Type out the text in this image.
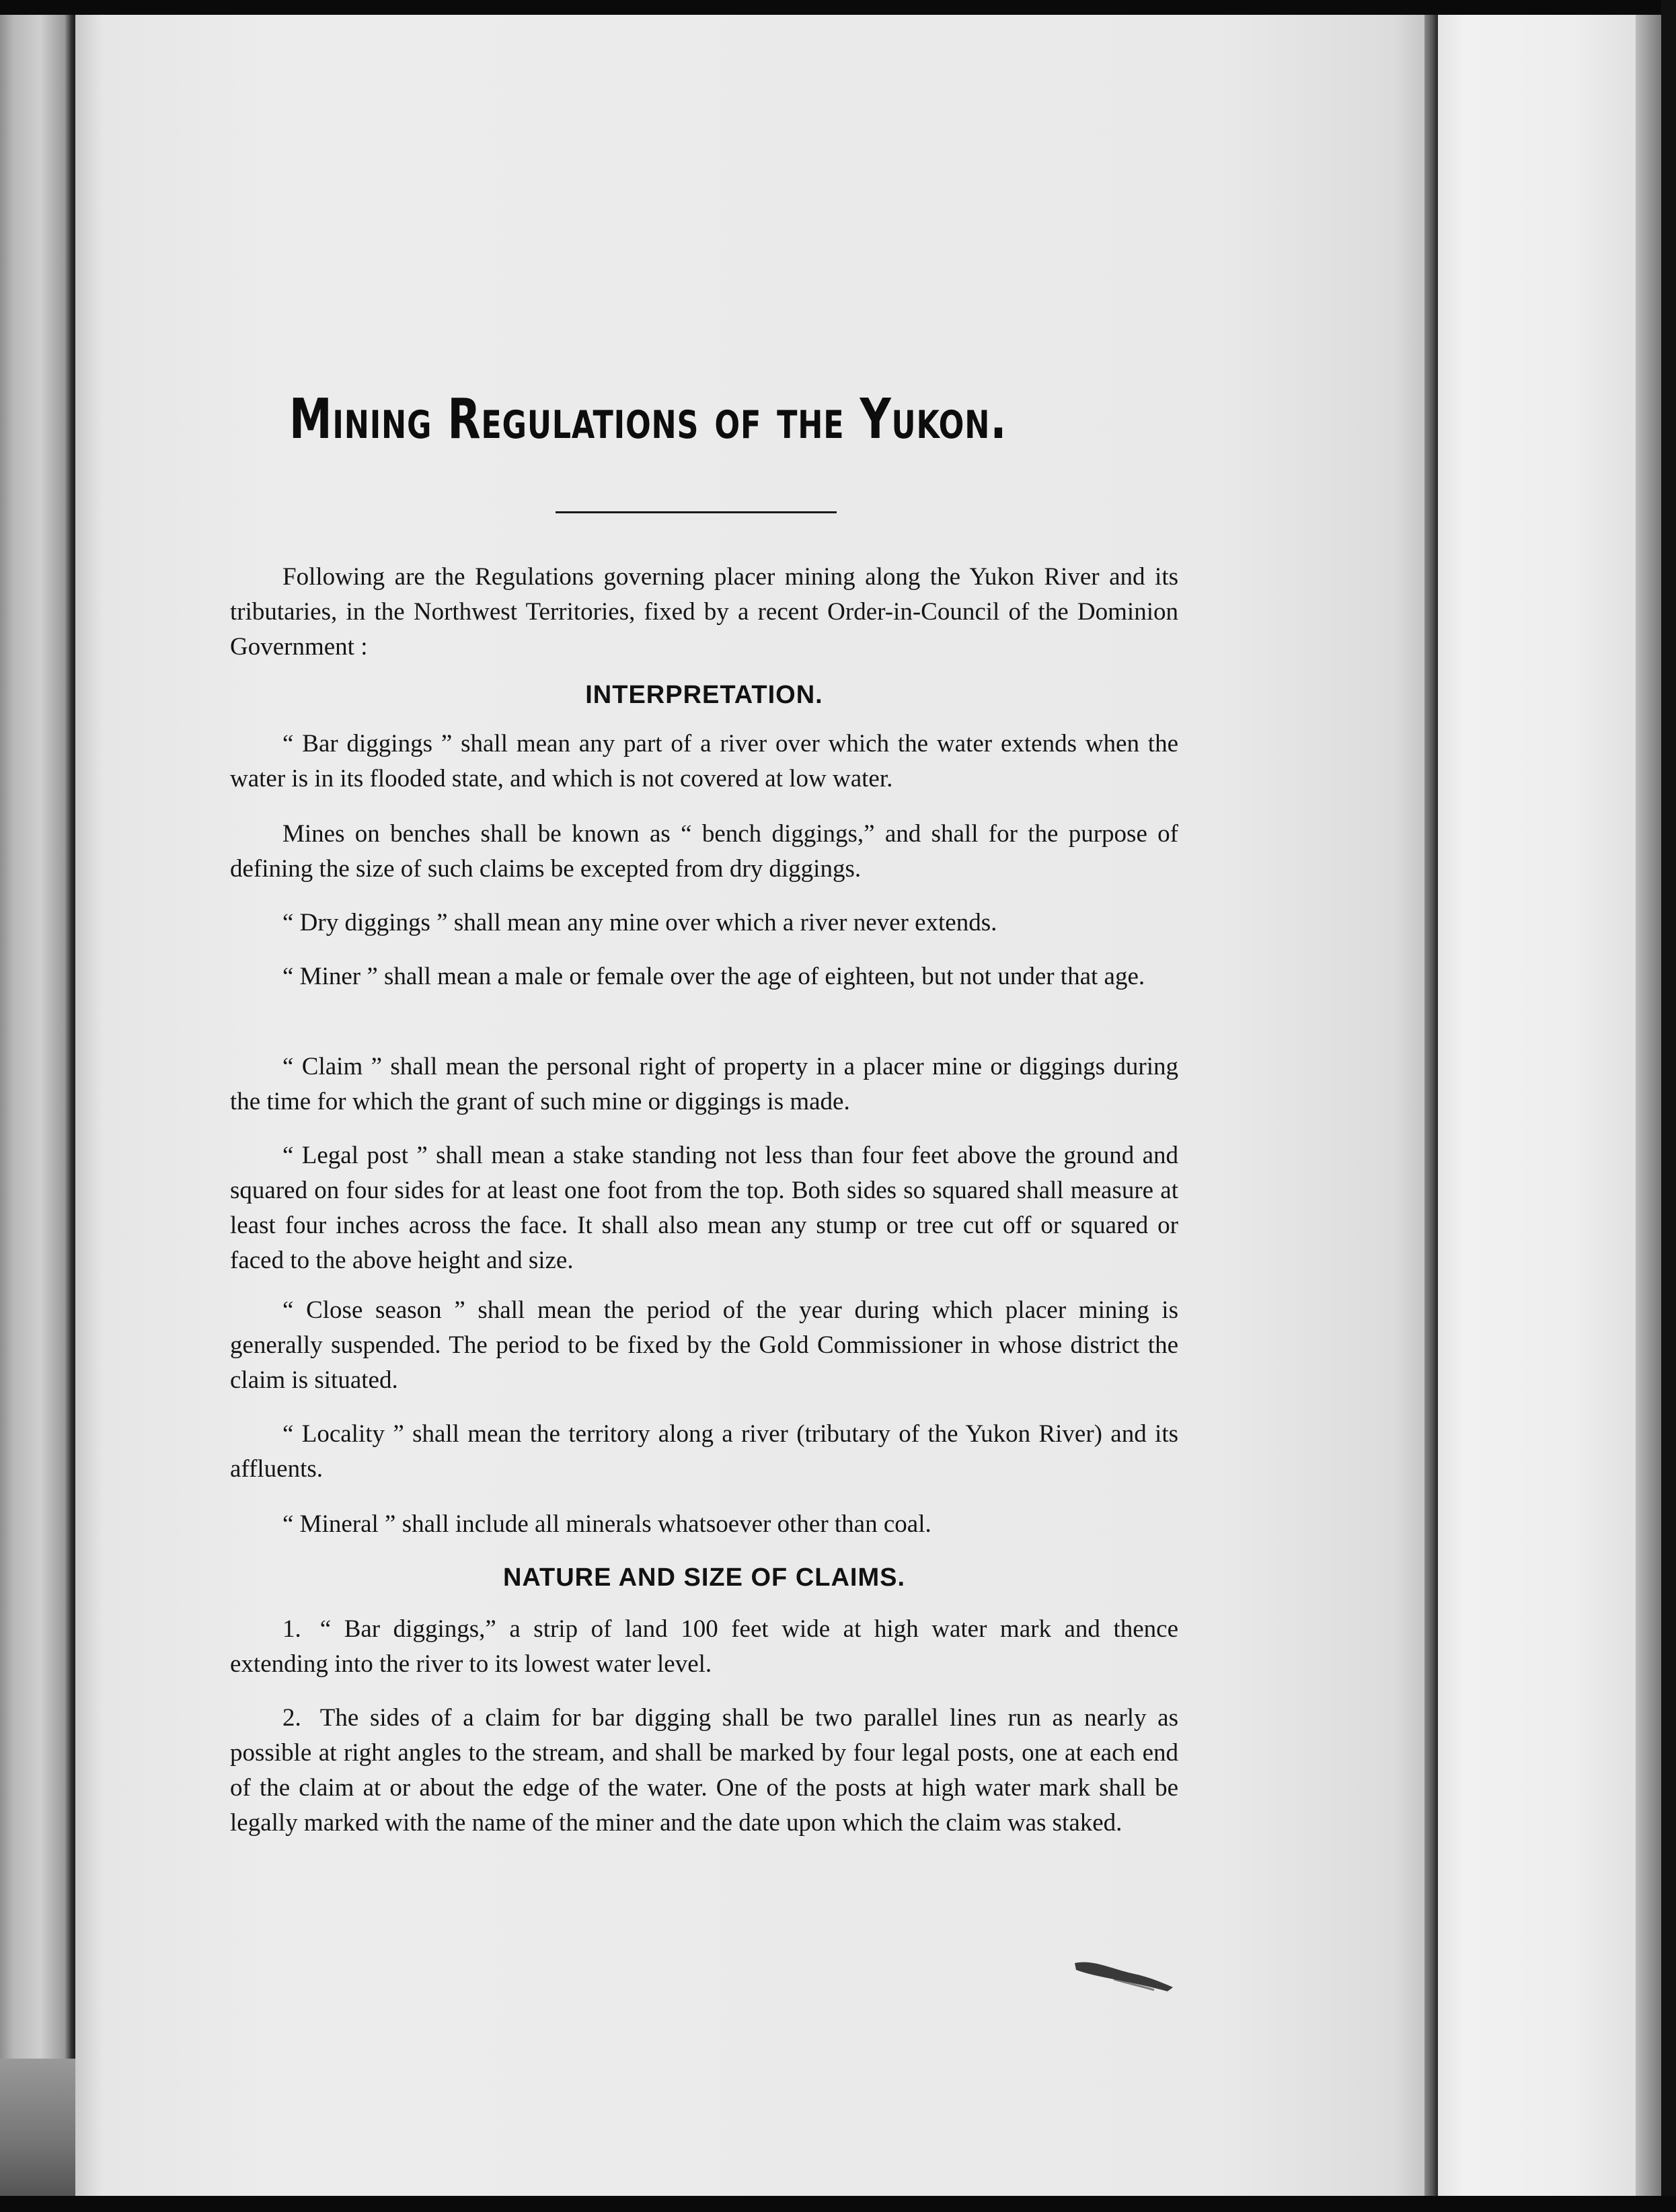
Mining Regulations of the Yukon.
Following are the Regulations governing placer mining along the Yukon River and its tributaries, in the Northwest Territories, fixed by a recent Order-in-Council of the Dominion Government :
INTERPRETATION.
“ Bar diggings ” shall mean any part of a river over which the water extends when the water is in its flooded state, and which is not covered at low water.
Mines on benches shall be known as “ bench diggings,” and shall for the purpose of defining the size of such claims be excepted from dry diggings.
“ Dry diggings ” shall mean any mine over which a river never extends.
“ Miner ” shall mean a male or female over the age of eighteen, but not under that age.
“ Claim ” shall mean the personal right of property in a placer mine or diggings during the time for which the grant of such mine or diggings is made.
“ Legal post ” shall mean a stake standing not less than four feet above the ground and squared on four sides for at least one foot from the top. Both sides so squared shall measure at least four inches across the face. It shall also mean any stump or tree cut off or squared or faced to the above height and size.
“ Close season ” shall mean the period of the year during which placer mining is generally suspended. The period to be fixed by the Gold Commissioner in whose district the claim is situated.
“ Locality ” shall mean the territory along a river (tributary of the Yukon River) and its affluents.
“ Mineral ” shall include all minerals whatsoever other than coal.
NATURE AND SIZE OF CLAIMS.
1. “ Bar diggings,” a strip of land 100 feet wide at high water mark and thence extending into the river to its lowest water level.
2. The sides of a claim for bar digging shall be two parallel lines run as nearly as possible at right angles to the stream, and shall be marked by four legal posts, one at each end of the claim at or about the edge of the water. One of the posts at high water mark shall be legally marked with the name of the miner and the date upon which the claim was staked.
